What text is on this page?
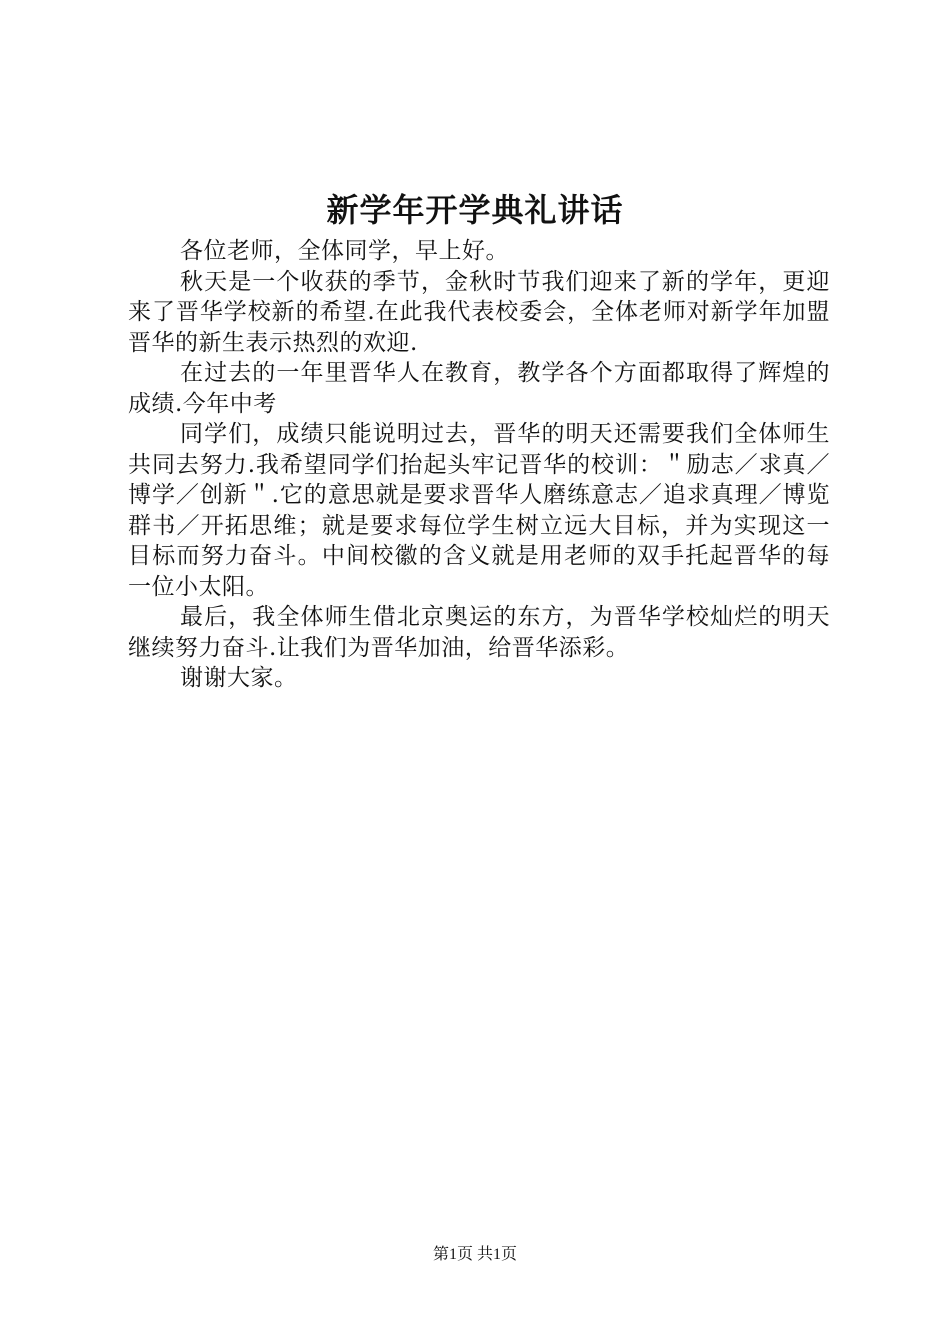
新学年开学典礼讲话

各位老师，全体同学，早上好。

秋天是一个收获的季节，金秋时节我们迎来了新的学年，更迎来了晋华学校新的希望.在此我代表校委会，全体老师对新学年加盟晋华的新生表示热烈的欢迎.

在过去的一年里晋华人在教育，教学各个方面都取得了辉煌的成绩.今年中考

同学们，成绩只能说明过去，晋华的明天还需要我们全体师生共同去努力.我希望同学们抬起头牢记晋华的校训：＂励志／求真／博学／创新＂.它的意思就是要求晋华人磨练意志／追求真理／博览群书／开拓思维；就是要求每位学生树立远大目标，并为实现这一目标而努力奋斗。中间校徽的含义就是用老师的双手托起晋华的每一位小太阳。

最后，我全体师生借北京奥运的东方，为晋华学校灿烂的明天继续努力奋斗.让我们为晋华加油，给晋华添彩。

谢谢大家。

第1页 共1页
